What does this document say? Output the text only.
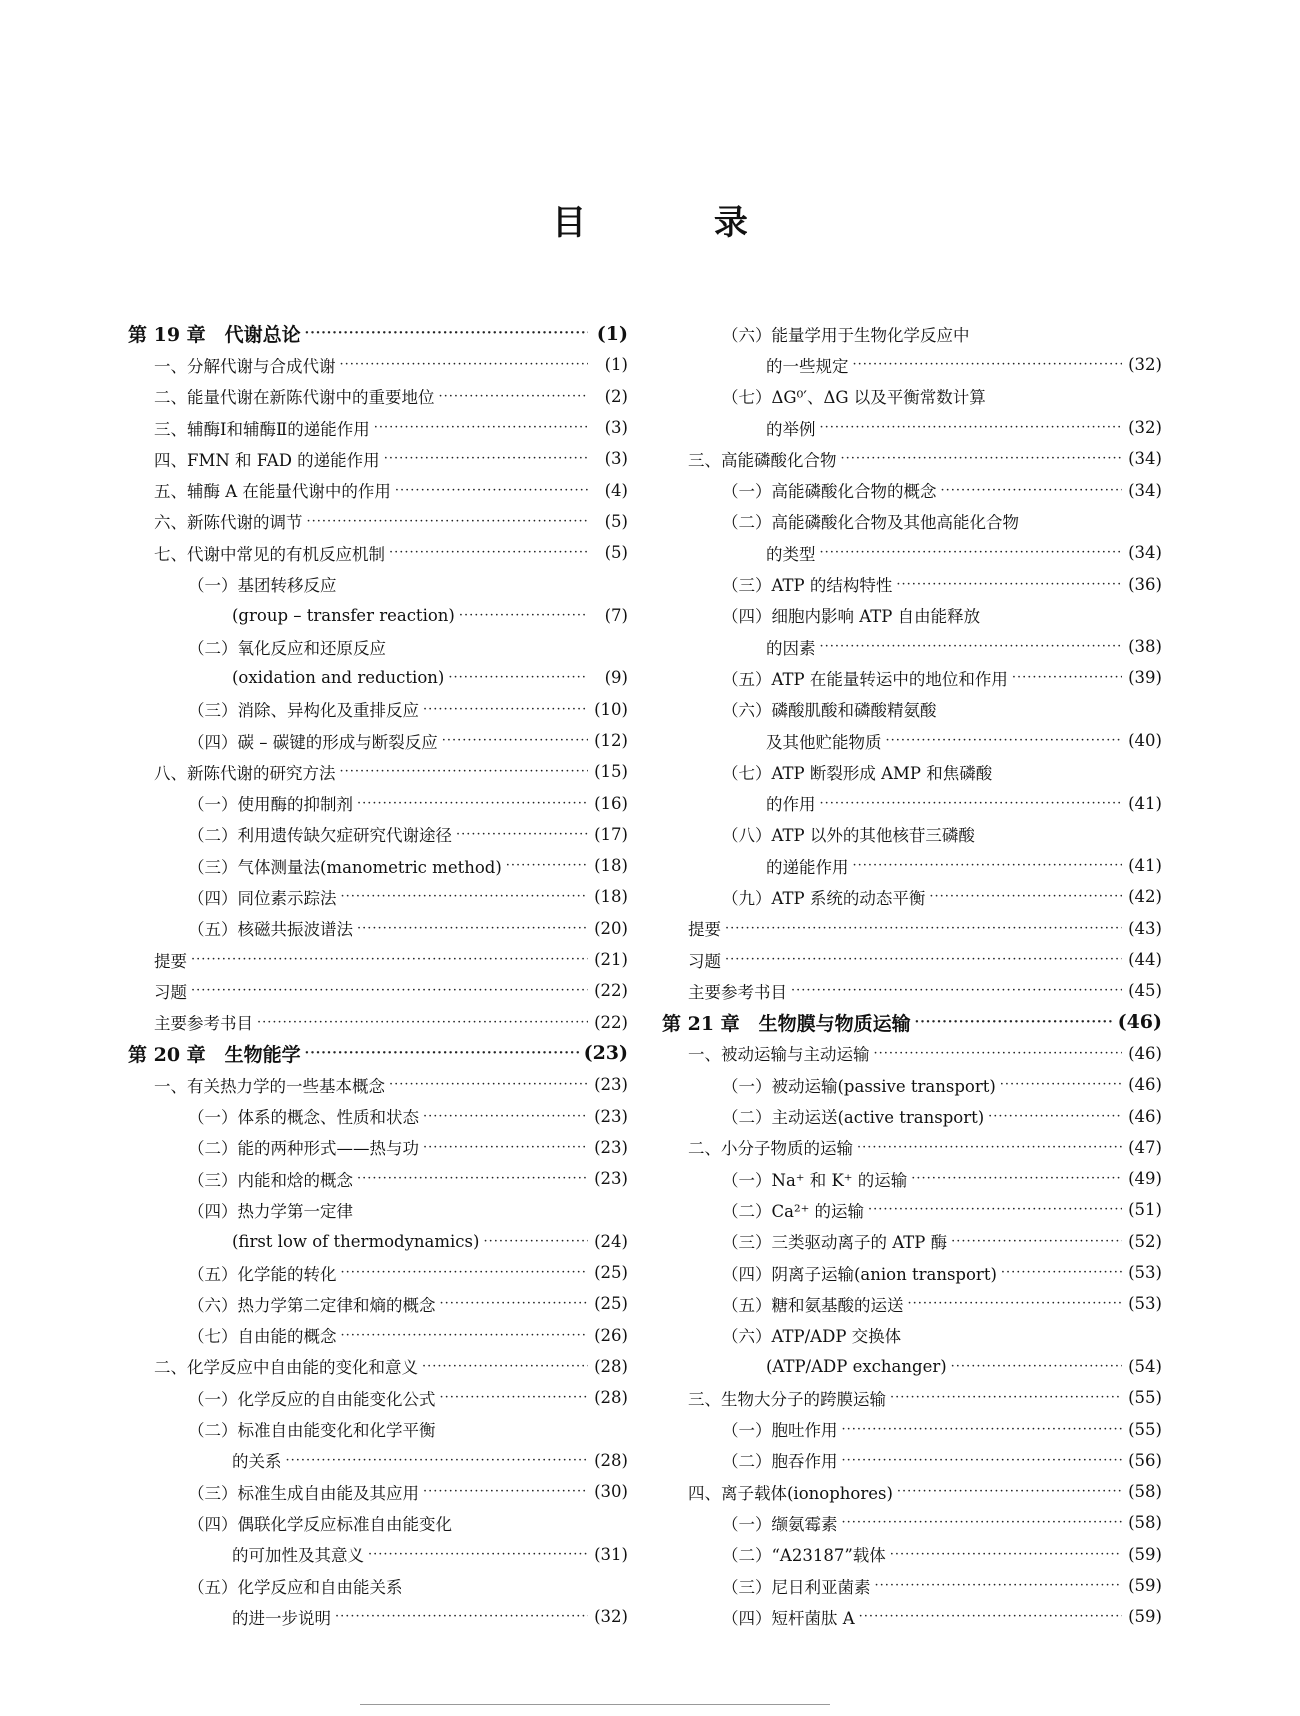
目 录
第 19 章　代谢总论 ·····	(1)
一、分解代谢与合成代谢 ·····	(1)
二、能量代谢在新陈代谢中的重要地位 ·····	(2)
三、辅酶Ⅰ和辅酶Ⅱ的递能作用 ·····	(3)
四、FMN 和 FAD 的递能作用 ·····	(3)
五、辅酶 A 在能量代谢中的作用 ·····	(4)
六、新陈代谢的调节 ·····	(5)
七、代谢中常见的有机反应机制 ·····	(5)
（一）基团转移反应
(group – transfer reaction) ·····	(7)
（二）氧化反应和还原反应
(oxidation and reduction) ·····	(9)
（三）消除、异构化及重排反应 ·····	(10)
（四）碳 – 碳键的形成与断裂反应 ·····	(12)
八、新陈代谢的研究方法 ·····	(15)
（一）使用酶的抑制剂 ·····	(16)
（二）利用遗传缺欠症研究代谢途径 ·····	(17)
（三）气体测量法(manometric method) ·····	(18)
（四）同位素示踪法 ·····	(18)
（五）核磁共振波谱法 ·····	(20)
提要 ·····	(21)
习题 ·····	(22)
主要参考书目 ·····	(22)
第 20 章　生物能学 ·····	(23)
一、有关热力学的一些基本概念 ·····	(23)
（一）体系的概念、性质和状态 ·····	(23)
（二）能的两种形式——热与功 ·····	(23)
（三）内能和焓的概念 ·····	(23)
（四）热力学第一定律
(first low of thermodynamics) ·····	(24)
（五）化学能的转化 ·····	(25)
（六）热力学第二定律和熵的概念 ·····	(25)
（七）自由能的概念 ·····	(26)
二、化学反应中自由能的变化和意义 ·····	(28)
（一）化学反应的自由能变化公式 ·····	(28)
（二）标准自由能变化和化学平衡
的关系 ·····	(28)
（三）标准生成自由能及其应用 ·····	(30)
（四）偶联化学反应标准自由能变化
的可加性及其意义 ·····	(31)
（五）化学反应和自由能关系
的进一步说明 ·····	(32)
（六）能量学用于生物化学反应中
的一些规定 ·····	(32)
（七）ΔG⁰′、ΔG 以及平衡常数计算
的举例 ·····	(32)
三、高能磷酸化合物 ·····	(34)
（一）高能磷酸化合物的概念 ·····	(34)
（二）高能磷酸化合物及其他高能化合物
的类型 ·····	(34)
（三）ATP 的结构特性 ·····	(36)
（四）细胞内影响 ATP 自由能释放
的因素 ·····	(38)
（五）ATP 在能量转运中的地位和作用 ·····	(39)
（六）磷酸肌酸和磷酸精氨酸
及其他贮能物质 ·····	(40)
（七）ATP 断裂形成 AMP 和焦磷酸
的作用 ·····	(41)
（八）ATP 以外的其他核苷三磷酸
的递能作用 ·····	(41)
（九）ATP 系统的动态平衡 ·····	(42)
提要 ·····	(43)
习题 ·····	(44)
主要参考书目 ·····	(45)
第 21 章　生物膜与物质运输 ·····	(46)
一、被动运输与主动运输 ·····	(46)
（一）被动运输(passive transport) ·····	(46)
（二）主动运送(active transport) ·····	(46)
二、小分子物质的运输 ·····	(47)
（一）Na⁺ 和 K⁺ 的运输 ·····	(49)
（二）Ca²⁺ 的运输 ·····	(51)
（三）三类驱动离子的 ATP 酶 ·····	(52)
（四）阴离子运输(anion transport) ·····	(53)
（五）糖和氨基酸的运送 ·····	(53)
（六）ATP/ADP 交换体
(ATP/ADP exchanger) ·····	(54)
三、生物大分子的跨膜运输 ·····	(55)
（一）胞吐作用 ·····	(55)
（二）胞吞作用 ·····	(56)
四、离子载体(ionophores) ·····	(58)
（一）缬氨霉素 ·····	(58)
（二）“A23187”载体 ·····	(59)
（三）尼日利亚菌素 ·····	(59)
（四）短杆菌肽 A ·····	(59)
